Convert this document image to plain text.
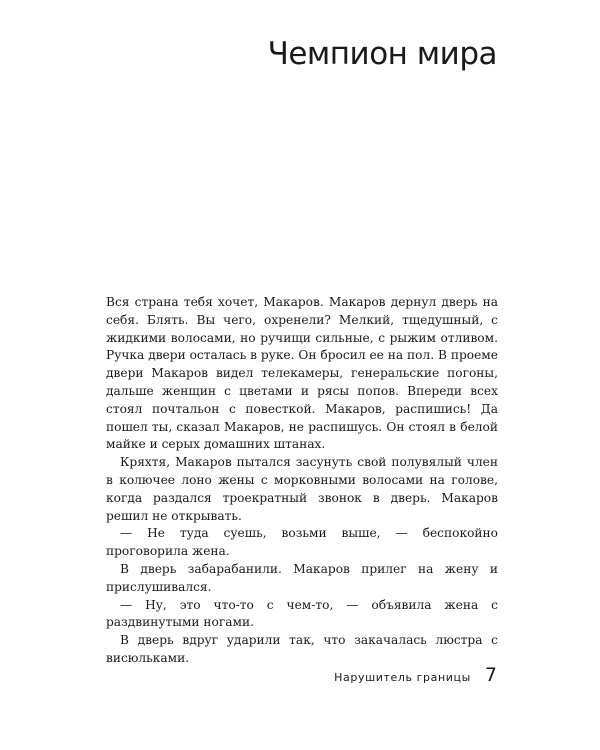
Чемпион мира

Вся страна тебя хочет, Макаров. Макаров дернул дверь на себя. Блять. Вы чего, охренели? Мелкий, тщедушный, с жидкими волосами, но ручищи сильные, с рыжим отливом. Ручка двери осталась в руке. Он бросил ее на пол. В проеме двери Макаров видел телекамеры, генеральские погоны, дальше женщин с цветами и рясы попов. Впереди всех стоял почтальон с повесткой. Макаров, распишись! Да пошел ты, сказал Макаров, не распишусь. Он стоял в белой майке и серых домашних штанах.

Кряхтя, Макаров пытался засунуть свой полувялый член в колючее лоно жены с морковными волосами на голове, когда раздался троекратный звонок в дверь. Макаров решил не открывать.

— Не туда суешь, возьми выше, — беспокойно проговорила жена.

В дверь забарабанили. Макаров прилег на жену и прислушивался.

— Ну, это что-то с чем-то, — объявила жена с раздвинутыми ногами.

В дверь вдруг ударили так, что закачалась люстра с висюльками.

Нарушитель границы 7
